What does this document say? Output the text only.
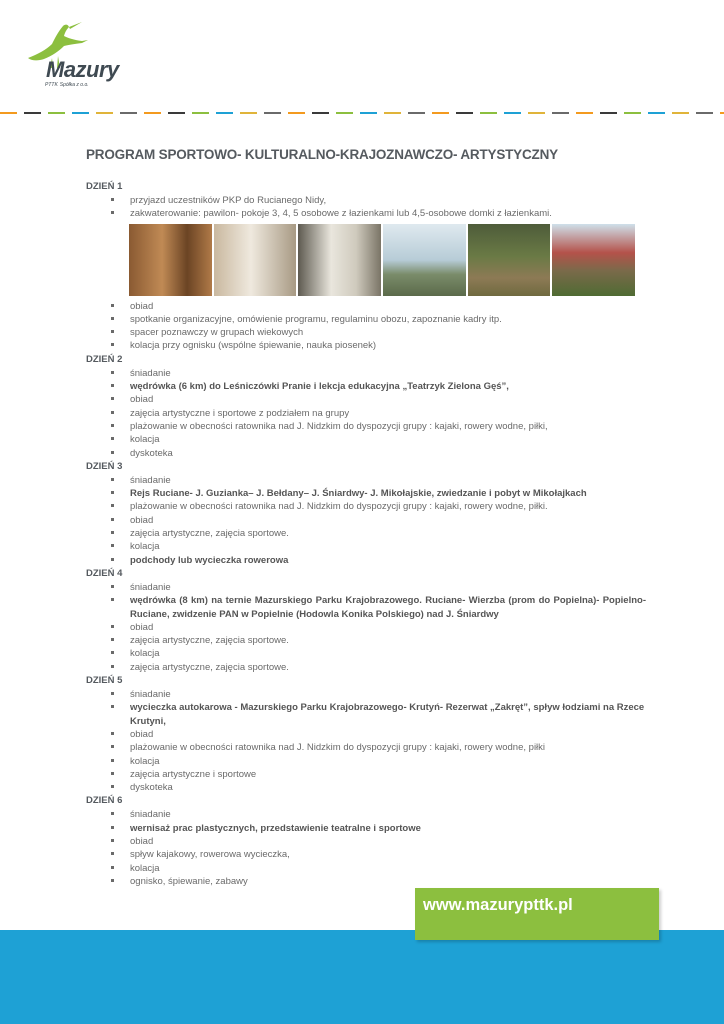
Mazury
PTTK Spółka z o.o.
PROGRAM SPORTOWO- KULTURALNO-KRAJOZNAWCZO- ARTYSTYCZNY
DZIEŃ 1
przyjazd uczestników PKP do Rucianego Nidy,
zakwaterowanie: pawilon- pokoje 3, 4, 5 osobowe z łazienkami lub 4,5-osobowe domki z łazienkami.
obiad
spotkanie organizacyjne, omówienie programu, regulaminu obozu, zapoznanie kadry itp.
spacer poznawczy w grupach wiekowych
kolacja przy ognisku (wspólne śpiewanie, nauka piosenek)
DZIEŃ 2
śniadanie
wędrówka (6 km) do Leśniczówki Pranie i lekcja edukacyjna „Teatrzyk Zielona Gęś”,
obiad
zajęcia artystyczne i sportowe z podziałem na grupy
plażowanie w obecności ratownika nad J. Nidzkim do dyspozycji grupy : kajaki, rowery wodne, piłki,
kolacja
dyskoteka
DZIEŃ 3
śniadanie
Rejs Ruciane- J. Guzianka– J. Bełdany– J. Śniardwy- J. Mikołajskie, zwiedzanie i pobyt w Mikołajkach
plażowanie w obecności ratownika nad J. Nidzkim do dyspozycji grupy : kajaki, rowery wodne, piłki.
obiad
zajęcia artystyczne, zajęcia sportowe.
kolacja
podchody lub wycieczka rowerowa
DZIEŃ 4
śniadanie
wędrówka (8 km) na ternie Mazurskiego Parku Krajobrazowego. Ruciane- Wierzba (prom do Popielna)- Popielno- Ruciane, zwidzenie PAN w Popielnie (Hodowla Konika Polskiego) nad J. Śniardwy
obiad
zajęcia artystyczne, zajęcia sportowe.
kolacja
zajęcia artystyczne, zajęcia sportowe.
DZIEŃ 5
śniadanie
wycieczka autokarowa - Mazurskiego Parku Krajobrazowego- Krutyń- Rezerwat „Zakręt”, spływ łodziami na Rzece Krutyni,
obiad
plażowanie w obecności ratownika nad J. Nidzkim do dyspozycji grupy : kajaki, rowery wodne, piłki
kolacja
zajęcia artystyczne i sportowe
dyskoteka
DZIEŃ 6
śniadanie
wernisaż prac plastycznych, przedstawienie teatralne i sportowe
obiad
spływ kajakowy, rowerowa wycieczka,
kolacja
ognisko, śpiewanie, zabawy
www.mazurypttk.pl
